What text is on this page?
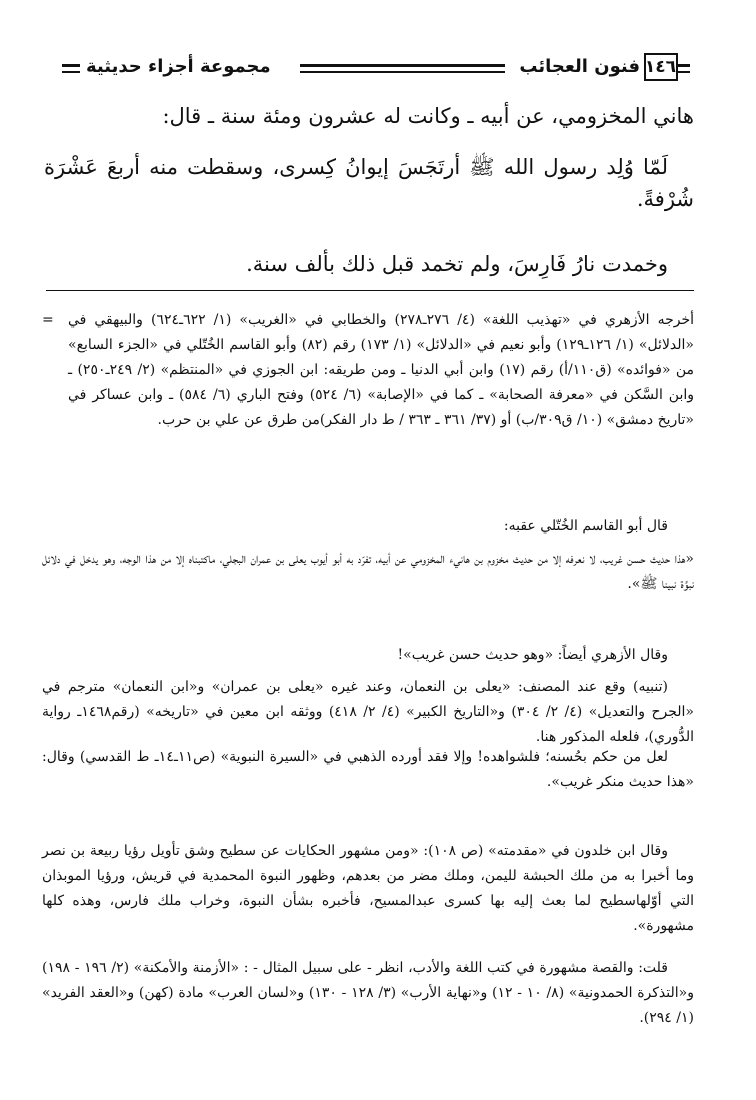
١٤٦
فنون العجائب
مجموعة أجزاء حديثية
هاني المخزومي، عن أبيه ـ وكانت له عشرون ومئة سنة ـ قال:
لَمّا وُلِد رسول الله ﷺ أرتَجَسَ إيوانُ كِسرى، وسقطت منه أربعَ عَشْرَة شُرْفةً.
وخمدت نارُ فَارِسَ، ولم تخمد قبل ذلك بألف سنة.
=	أخرجه الأزهري في «تهذيب اللغة» (٤/ ٢٧٦ـ٢٧٨) والخطابي في «الغريب» (١/ ٦٢٢ـ٦٢٤) والبيهقي في «الدلائل» (١/ ١٢٦ـ١٢٩) وأبو نعيم في «الدلائل» (١/ ١٧٣) رقم (٨٢) وأبو القاسم الخُتّلي في «الجزء السابع» من «فوائده» (ق١١٠/أ) رقم (١٧) وابن أبي الدنيا ـ ومن طريقه: ابن الجوزي في «المنتظم» (٢/ ٢٤٩ـ٢٥٠) ـ وابن السَّكن في «معرفة الصحابة» ـ كما في «الإصابة» (٦/ ٥٢٤) وفتح الباري (٦/ ٥٨٤) ـ وابن عساكر في «تاريخ دمشق» (١٠/ ق٣٠٩/ب) أو (٣٧/ ٣٦١ ـ ٣٦٣ / ط دار الفكر)من طرق عن علي بن حرب.
قال أبو القاسم الخُتّلي عقبه:
«هذا حديث حسن غريب، لا نعرفه إلا من حديث مخزوم بن هانيء المخزومي عن أبيه، تفرّد به أبو أيوب يعلى بن عمران البجلي، ماكتبناه إلا من هذا الوجه، وهو يدخل في دلائل نبوَّة نبينا ﷺ».
وقال الأزهري أيضاً: «وهو حديث حسن غريب»!
(تنبيه) وقع عند المصنف: «يعلى بن النعمان، وعند غيره «يعلى بن عمران» و«ابن النعمان» مترجم في «الجرح والتعديل» (٤/ ٢/ ٣٠٤) و«التاريخ الكبير» (٤/ ٢/ ٤١٨) ووثقه ابن معين في «تاريخه» (رقم١٤٦٨ـ رواية الدُّوري)، فلعله المذكور هنا.
لعل من حكم بحُسنه؛ فلشواهده! وإلا فقد أورده الذهبي في «السيرة النبوية» (ص١١ـ١٤ـ ط القدسي) وقال: «هذا حديث منكر غريب».
وقال ابن خلدون في «مقدمته» (ص ١٠٨): «ومن مشهور الحكايات عن سطيح وشق تأويل رؤيا ربيعة بن نصر وما أخبرا به من ملك الحبشة لليمن، وملك مضر من بعدهم، وظهور النبوة المحمدية في قريش، ورؤيا الموبذان التي أوّلهاسطيح لما بعث إليه بها كسرى عبدالمسيح، فأخبره بشأن النبوة، وخراب ملك فارس، وهذه كلها مشهورة».
قلت: والقصة مشهورة في كتب اللغة والأدب، انظر - على سبيل المثال - : «الأزمنة والأمكنة» (٢/ ١٩٦ - ١٩٨) و«التذكرة الحمدونية» (٨/ ١٠ - ١٢) و«نهاية الأرب» (٣/ ١٢٨ - ١٣٠) و«لسان العرب» مادة (كهن) و«العقد الفريد» (١/ ٢٩٤).
